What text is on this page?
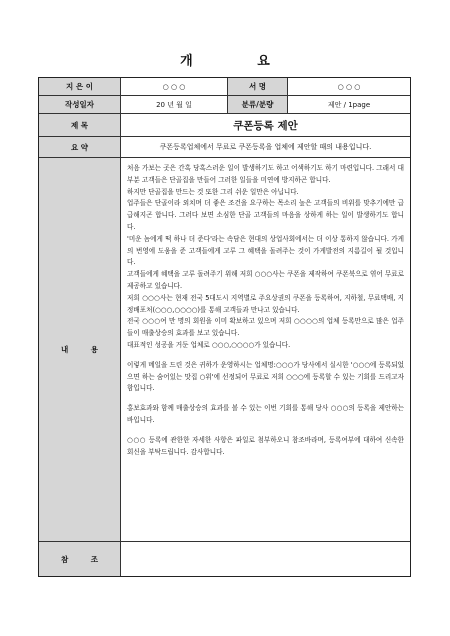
개 요
지 은 이	○ ○ ○	서 명	○ ○ ○
작성일자	20 년 월 일	분류/분량	제안 / 1page
제 목	쿠폰등록 제안
요 약	쿠폰등록업체에서 무료로 쿠폰등록을 업체에 제안할 때의 내용입니다.
내 용

처음 가보는 곳은 간혹 당혹스러운 일이 발생하기도 하고 어색하기도 하기 마련입니다. 그래서 대부분 고객들은 단골집을 만들어 그러한 일들을 미연에 방지하곤 합니다.

하지만 단골집을 만드는 것 또한 그리 쉬운 일만은 아닙니다.

업주들은 단골이라 외치며 더 좋은 조건을 요구하는 목소리 높은 고객들의 비위를 맞추기에만 급급해지곤 합니다. 그러다 보면 소심한 단골 고객들의 마음을 상하게 하는 일이 발생하기도 합니다.

'미운 놈에게 떡 하나 더 준다'라는 속담은 현대의 상업사회에서는 더 이상 통하지 않습니다. 가게의 번영에 도움을 준 고객들에게 고루 그 혜택을 돌려주는 것이 가게발전의 지름길이 될 것입니다.

고객들에게 혜택을 고루 돌려주기 위해 저희 ○○○사는 쿠폰을 제작하여 쿠폰북으로 엮어 무료로 제공하고 있습니다.

저희 ○○○사는 현재 전국 5대도시 지역별로 주요상권의 쿠폰을 등록하여, 지하철, 무료택배, 지정배포처(○○○,○○○○)를 통해 고객들과 만나고 있습니다.

전국 ○○○여 만 명의 회원을 이미 확보하고 있으며 저희 ○○○○의 업체 등록만으로 많은 업주들이 매출상승의 효과를 보고 있습니다.

대표적인 성공을 거둔 업체로 ○○○,○○○○가 있습니다.

이렇게 메일을 드린 것은 귀하가 운영하시는 업체명:○○○가 당사에서 실시한 '○○○에 등록되었으면 하는 숨어있는 맛집 ○위'에 선정되어 무료로 저희 ○○○에 등록할 수 있는 기회를 드리고자 함입니다.

홍보효과와 함께 매출상승의 효과를 볼 수 있는 이번 기회를 통해 당사 ○○○의 등록을 제안하는 바입니다.

○○○ 등록에 관한한 자세한 사항은 파일로 첨부하오니 참조바라며, 등록여부에 대하여 신속한 회신을 부탁드립니다. 감사합니다.

참 조
